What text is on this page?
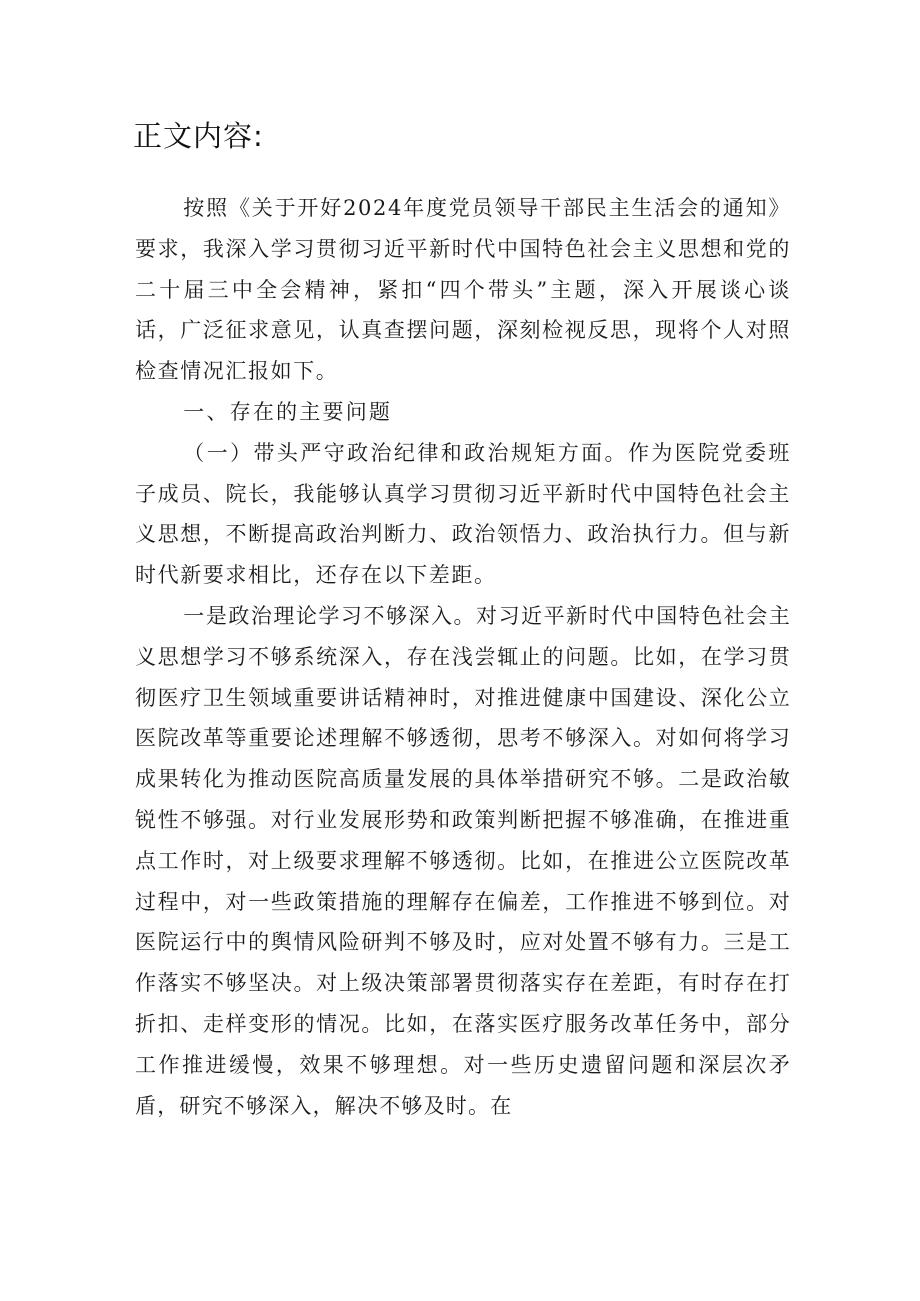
正文内容:

按照《关于开好2024年度党员领导干部民主生活会的通知》要求，我深入学习贯彻习近平新时代中国特色社会主义思想和党的二十届三中全会精神，紧扣“四个带头”主题，深入开展谈心谈话，广泛征求意见，认真查摆问题，深刻检视反思，现将个人对照检查情况汇报如下。

一、存在的主要问题

（一）带头严守政治纪律和政治规矩方面。作为医院党委班子成员、院长，我能够认真学习贯彻习近平新时代中国特色社会主义思想，不断提高政治判断力、政治领悟力、政治执行力。但与新时代新要求相比，还存在以下差距。

一是政治理论学习不够深入。对习近平新时代中国特色社会主义思想学习不够系统深入，存在浅尝辄止的问题。比如，在学习贯彻医疗卫生领域重要讲话精神时，对推进健康中国建设、深化公立医院改革等重要论述理解不够透彻，思考不够深入。对如何将学习成果转化为推动医院高质量发展的具体举措研究不够。二是政治敏锐性不够强。对行业发展形势和政策判断把握不够准确，在推进重点工作时，对上级要求理解不够透彻。比如，在推进公立医院改革过程中，对一些政策措施的理解存在偏差，工作推进不够到位。对医院运行中的舆情风险研判不够及时，应对处置不够有力。三是工作落实不够坚决。对上级决策部署贯彻落实存在差距，有时存在打折扣、走样变形的情况。比如，在落实医疗服务改革任务中，部分工作推进缓慢，效果不够理想。对一些历史遗留问题和深层次矛盾，研究不够深入，解决不够及时。在
